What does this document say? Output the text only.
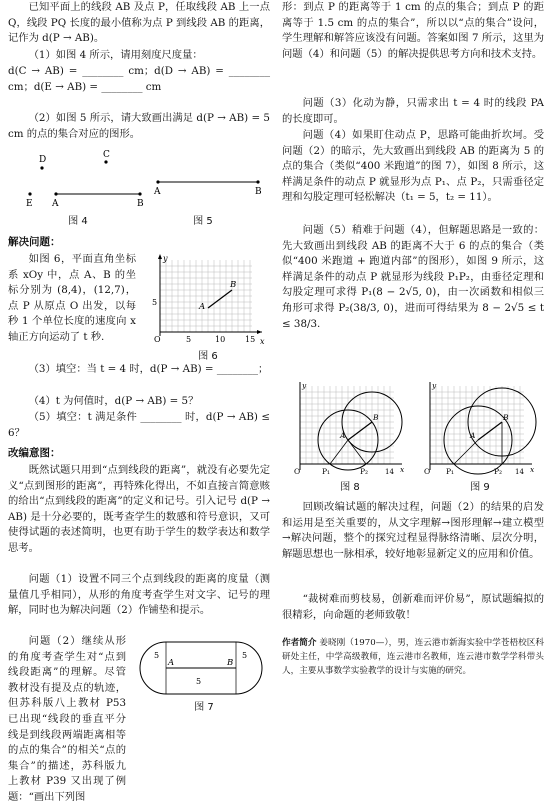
已知平面上的线段 AB 及点 P，任取线段 AB 上一点 Q，线段 PQ 长度的最小值称为点 P 到线段 AB 的距离，记作为 d(P → AB)。

（1）如图 4 所示，请用刻度尺度量：

d(C → AB) = ________ cm；d(D → AB) = ________ cm；d(E → AB) = ________ cm

（2）如图 5 所示，请大致画出满足 d(P → AB) = 5 cm 的点的集合对应的图形。

D	C
E A	B
图 4
A	B
图 5

解决问题：

如图 6，平面直角坐标系 xOy 中，点 A、B 的坐标分别为 (8,4)，(12,7)，点 P 从原点 O 出发，以每秒 1 个单位长度的速度向 x 轴正方向运动了 t 秒.

A
B
O	5	10 15
5
x
y
图 6

（3）填空：当 t = 4 时，d(P → AB) = ________；

（4）t 为何值时，d(P → AB) = 5？

（5）填空：t 满足条件 ________ 时，d(P → AB) ≤ 6？

改编意图：

既然试题只用到“点到线段的距离”，就没有必要先定义“点到图形的距离”，再特殊化得出，不如直接言简意赅的给出“点到线段的距离”的定义和记号。引入记号 d(P → AB) 是十分必要的，既考查学生的数感和符号意识，又可使得试题的表述简明，也更有助于学生的数学表达和数学思考。

问题（1）设置不同三个点到线段的距离的度量（测量值几乎相同），从形的角度考查学生对文字、记号的理解，同时也为解决问题（2）作铺垫和提示。

问题（2）继续从形的角度考查学生对“点到线段距离”的理解。尽管教材没有提及点的轨迹，但苏科版八上教材 P53 已出现“线段的垂直平分线是到线段两端距离相等的点的集合”的相关“点的集合”的描述，苏科版九上教材 P39 又出现了例题：“画出下列图

A	B
5	5
5
图 7

形：到点 P 的距离等于 1 cm 的点的集合；到点 P 的距离等于 1.5 cm 的点的集合”，所以以“点的集合”设问，学生理解和解答应该没有问题。答案如图 7 所示，这里为问题（4）和问题（5）的解决提供思考方向和技术支持。

问题（3）化动为静，只需求出 t = 4 时的线段 PA 的长度即可。

问题（4）如果盯住动点 P，思路可能曲折坎坷。受问题（2）的暗示，先大致画出到线段 AB 的距离为 5 的点的集合（类似“400 米跑道”的图 7），如图 8 所示，这样满足条件的动点 P 就显形为点 P₁、点 P₂，只需垂径定理和勾股定理可轻松解决（t₁ = 5，t₂ = 11）。

问题（5）稍难于问题（4），但解题思路是一致的：先大致画出到线段 AB 的距离不大于 6 的点的集合（类似“400 米跑道 + 跑道内部”的图形），如图 9 所示，这样满足条件的动点 P 就显形为线段 P₁P₂，由垂径定理和勾股定理可求得 P₁(8 − 2√5, 0)，由一次函数和相似三角形可求得 P₂(38/3, 0)，进而可得结果为 8 − 2√5 ≤ t ≤ 38/3.

O	P₁	P₂
A
B
x
y
14
图 8
O P₁	P₂
A
B
x
y
14
图 9

回顾改编试题的解决过程，问题（2）的结果的启发和运用是至关重要的，从文字理解→图形理解→建立模型→解决问题，整个的探究过程显得脉络清晰、层次分明，解题思想也一脉相承，较好地彰显新定义的应用和价值。

“裁树难而剪枝易，创新难而评价易”，原试题编拟的很精彩，向命题的老师致敬！

作者简介 姜晓刚（1970—），男，连云港市新海实验中学苍梧校区科研处主任，中学高级教师，连云港市名教师，连云港市数学学科带头人，主要从事数学实验教学的设计与实施的研究。
